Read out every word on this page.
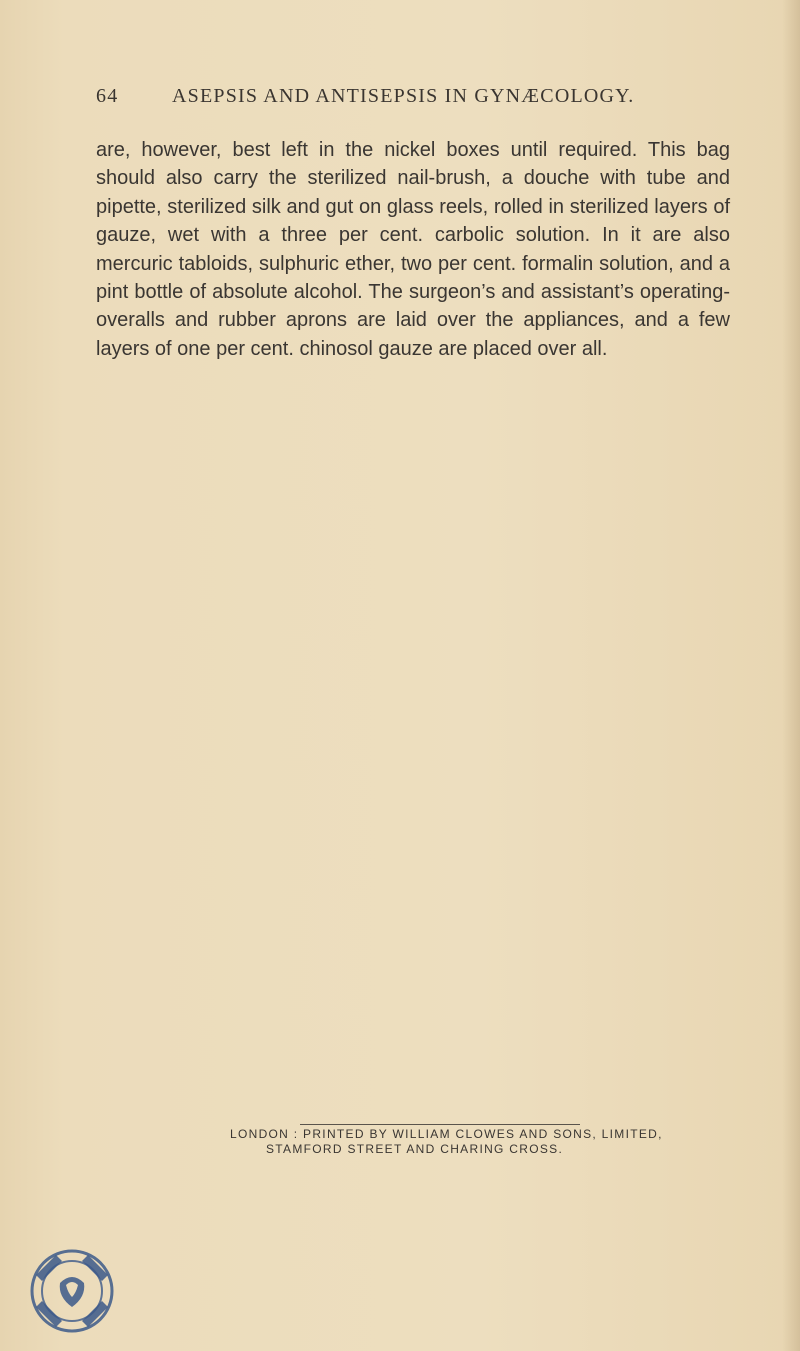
64	ASEPSIS AND ANTISEPSIS IN GYNÆCOLOGY.

are, however, best left in the nickel boxes until required. This bag should also carry the sterilized nail-brush, a douche with tube and pipette, sterilized silk and gut on glass reels, rolled in sterilized layers of gauze, wet with a three per cent. carbolic solution. In it are also mercuric tabloids, sulphuric ether, two per cent. formalin solution, and a pint bottle of absolute alcohol. The surgeon’s and assistant’s operating-overalls and rubber aprons are laid over the appliances, and a few layers of one per cent. chinosol gauze are placed over all.

LONDON : PRINTED BY WILLIAM CLOWES AND SONS, LIMITED,
STAMFORD STREET AND CHARING CROSS.
